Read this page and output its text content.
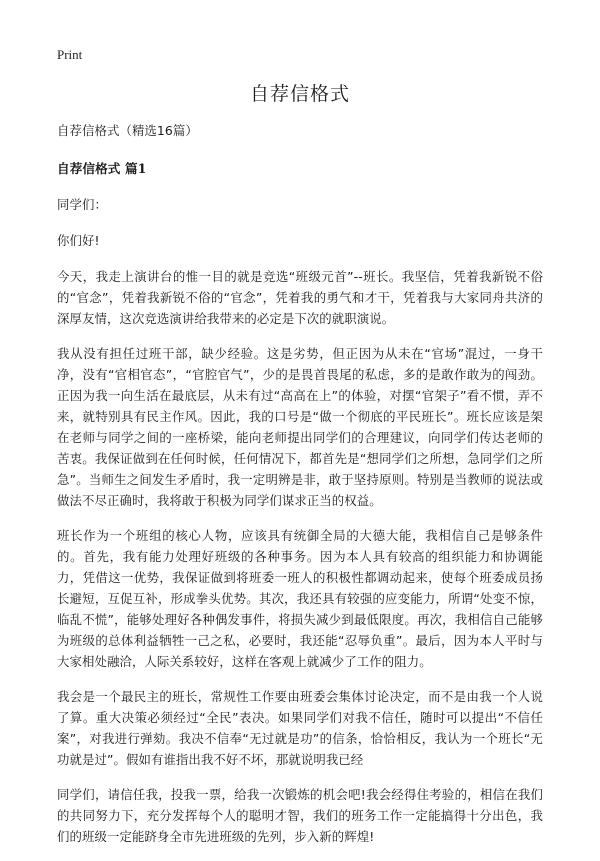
Print
自荐信格式

自荐信格式（精选16篇）

自荐信格式 篇1

同学们：

你们好!

今天，我走上演讲台的惟一目的就是竞选“班级元首”--班长。我坚信，凭着我新锐不俗的“官念”，凭着我新锐不俗的“官念”，凭着我的勇气和才干，凭着我与大家同舟共济的深厚友情，这次竞选演讲给我带来的必定是下次的就职演说。

我从没有担任过班干部，缺少经验。这是劣势，但正因为从未在“官场”混过，一身干净，没有“官相官态”，“官腔官气”，少的是畏首畏尾的私虑，多的是敢作敢为的闯劲。正因为我一向生活在最底层，从未有过“高高在上”的体验，对摆“官架子”看不惯，弄不来，就特别具有民主作风。因此，我的口号是“做一个彻底的平民班长”。班长应该是架在老师与同学之间的一座桥梁，能向老师提出同学们的合理建议，向同学们传达老师的苦衷。我保证做到在任何时候，任何情况下，都首先是“想同学们之所想，急同学们之所急”。当师生之间发生矛盾时，我一定明辨是非，敢于坚持原则。特别是当教师的说法或做法不尽正确时，我将敢于积极为同学们谋求正当的权益。

班长作为一个班组的核心人物，应该具有统御全局的大德大能，我相信自己是够条件的。首先，我有能力处理好班级的各种事务。因为本人具有较高的组织能力和协调能力，凭借这一优势，我保证做到将班委一班人的积极性都调动起来，使每个班委成员扬长避短，互促互补，形成拳头优势。其次，我还具有较强的应变能力，所谓“处变不惊，临乱不慌”，能够处理好各种偶发事件，将损失减少到最低限度。再次，我相信自己能够为班级的总体利益牺牲一己之私，必要时，我还能“忍辱负重”。最后，因为本人平时与大家相处融洽，人际关系较好，这样在客观上就减少了工作的阻力。

我会是一个最民主的班长，常规性工作要由班委会集体讨论决定，而不是由我一个人说了算。重大决策必须经过“全民”表决。如果同学们对我不信任，随时可以提出“不信任案”，对我进行弹劾。我决不信奉“无过就是功”的信条，恰恰相反，我认为一个班长“无功就是过”。假如有谁指出我不好不坏，那就说明我已经

同学们，请信任我，投我一票，给我一次锻炼的机会吧!我会经得住考验的，相信在我们的共同努力下，充分发挥每个人的聪明才智，我们的班务工作一定能搞得十分出色，我们的班级一定能跻身全市先进班级的先列，步入新的辉煌!
